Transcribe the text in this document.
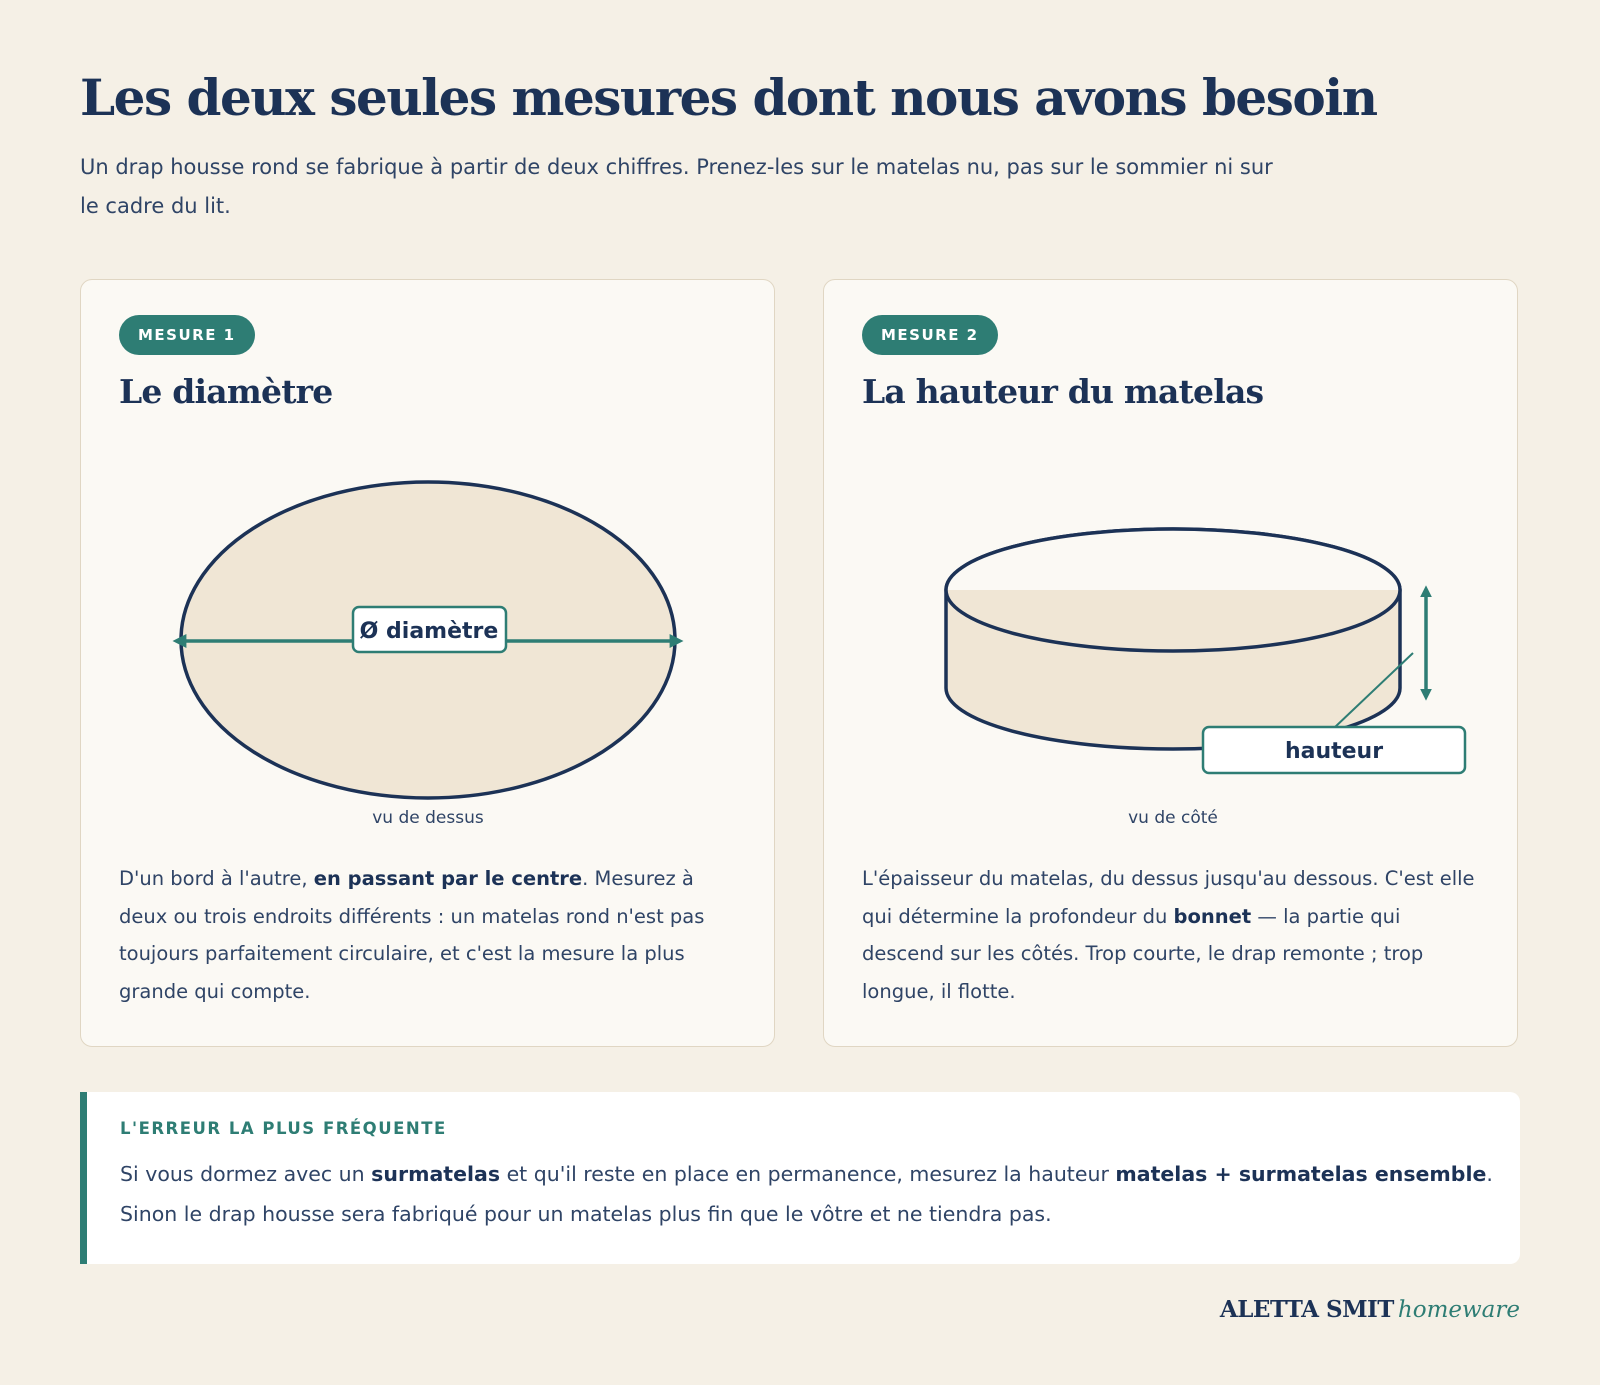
Les deux seules mesures dont nous avons besoin

Un drap housse rond se fabrique à partir de deux chiffres. Prenez-les sur le matelas nu, pas sur le sommier ni sur le cadre du lit.

MESURE 1
Le diamètre
Ø diamètre
vu de dessus

D'un bord à l'autre, en passant par le centre. Mesurez à deux ou trois endroits différents : un matelas rond n'est pas toujours parfaitement circulaire, et c'est la mesure la plus grande qui compte.

MESURE 2
La hauteur du matelas
hauteur
vu de côté

L'épaisseur du matelas, du dessus jusqu'au dessous. C'est elle qui détermine la profondeur du bonnet — la partie qui descend sur les côtés. Trop courte, le drap remonte ; trop longue, il flotte.

L'ERREUR LA PLUS FRÉQUENTE

Si vous dormez avec un surmatelas et qu'il reste en place en permanence, mesurez la hauteur matelas + surmatelas ensemble. Sinon le drap housse sera fabriqué pour un matelas plus fin que le vôtre et ne tiendra pas.

ALETTA SMIT homeware
